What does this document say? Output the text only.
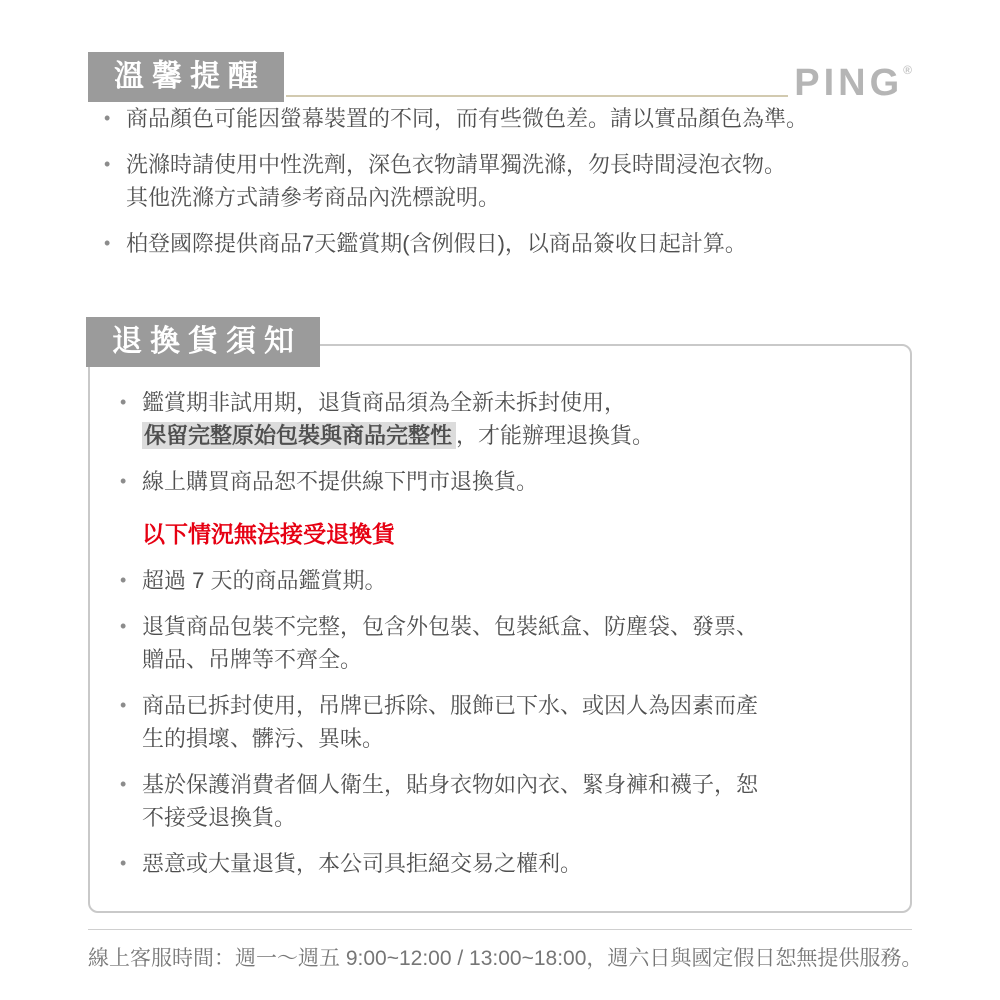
溫馨提醒	PING®
• 商品顏色可能因螢幕裝置的不同，而有些微色差。請以實品顏色為準。
• 洗滌時請使用中性洗劑，深色衣物請單獨洗滌，勿長時間浸泡衣物。
其他洗滌方式請參考商品內洗標說明。
• 柏登國際提供商品7天鑑賞期(含例假日)，以商品簽收日起計算。
退換貨須知
• 鑑賞期非試用期，退貨商品須為全新未拆封使用，
保留完整原始包裝與商品完整性 ，才能辦理退換貨。
• 線上購買商品恕不提供線下門市退換貨。
以下情況無法接受退換貨
• 超過 7 天的商品鑑賞期。
• 退貨商品包裝不完整，包含外包裝、包裝紙盒、防塵袋、發票、
贈品、吊牌等不齊全。
• 商品已拆封使用，吊牌已拆除、服飾已下水、或因人為因素而產
生的損壞、髒污、異味。
• 基於保護消費者個人衛生，貼身衣物如內衣、緊身褲和襪子，恕
不接受退換貨。
• 惡意或大量退貨，本公司具拒絕交易之權利。
線上客服時間：週一～週五 9:00~12:00 / 13:00~18:00，週六日與國定假日恕無提供服務。
